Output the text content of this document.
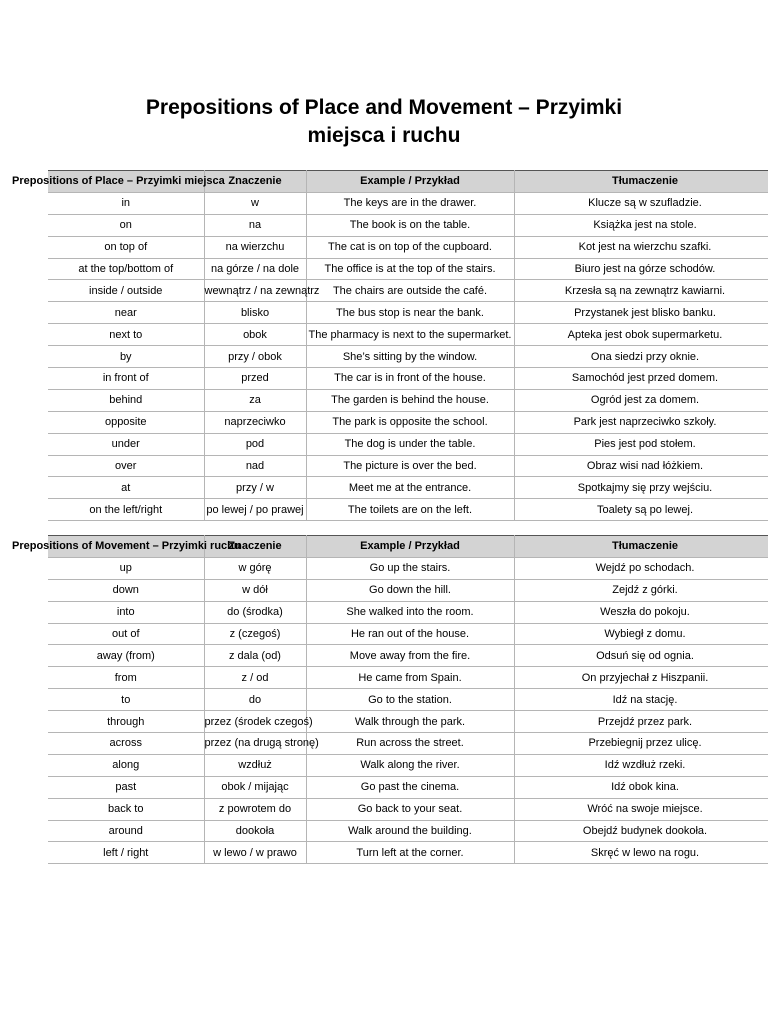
Prepositions of Place and Movement – Przyimki
miejsca i ruchu
Prepositions of Place – Przyimki miejsca	Znaczenie	Example / Przykład	Tłumaczenie
in	w	The keys are in the drawer.	Klucze są w szufladzie.
on	na	The book is on the table.	Książka jest na stole.
on top of	na wierzchu	The cat is on top of the cupboard.	Kot jest na wierzchu szafki.
at the top/bottom of	na górze / na dole	The office is at the top of the stairs.	Biuro jest na górze schodów.
inside / outside	wewnątrz / na zewnątrz	The chairs are outside the café.	Krzesła są na zewnątrz kawiarni.
near	blisko	The bus stop is near the bank.	Przystanek jest blisko banku.
next to	obok	The pharmacy is next to the supermarket.	Apteka jest obok supermarketu.
by	przy / obok	She’s sitting by the window.	Ona siedzi przy oknie.
in front of	przed	The car is in front of the house.	Samochód jest przed domem.
behind	za	The garden is behind the house.	Ogród jest za domem.
opposite	naprzeciwko	The park is opposite the school.	Park jest naprzeciwko szkoły.
under	pod	The dog is under the table.	Pies jest pod stołem.
over	nad	The picture is over the bed.	Obraz wisi nad łóżkiem.
at	przy / w	Meet me at the entrance.	Spotkajmy się przy wejściu.
on the left/right	po lewej / po prawej	The toilets are on the left.	Toalety są po lewej.
Prepositions of Movement – Przyimki ruchu	Znaczenie	Example / Przykład	Tłumaczenie
up	w górę	Go up the stairs.	Wejdź po schodach.
down	w dół	Go down the hill.	Zejdź z górki.
into	do (środka)	She walked into the room.	Weszła do pokoju.
out of	z (czegoś)	He ran out of the house.	Wybiegł z domu.
away (from)	z dala (od)	Move away from the fire.	Odsuń się od ognia.
from	z / od	He came from Spain.	On przyjechał z Hiszpanii.
to	do	Go to the station.	Idź na stację.
through	przez (środek czegoś)	Walk through the park.	Przejdź przez park.
across	przez (na drugą stronę)	Run across the street.	Przebiegnij przez ulicę.
along	wzdłuż	Walk along the river.	Idź wzdłuż rzeki.
past	obok / mijając	Go past the cinema.	Idź obok kina.
back to	z powrotem do	Go back to your seat.	Wróć na swoje miejsce.
around	dookoła	Walk around the building.	Obejdź budynek dookoła.
left / right	w lewo / w prawo	Turn left at the corner.	Skręć w lewo na rogu.
